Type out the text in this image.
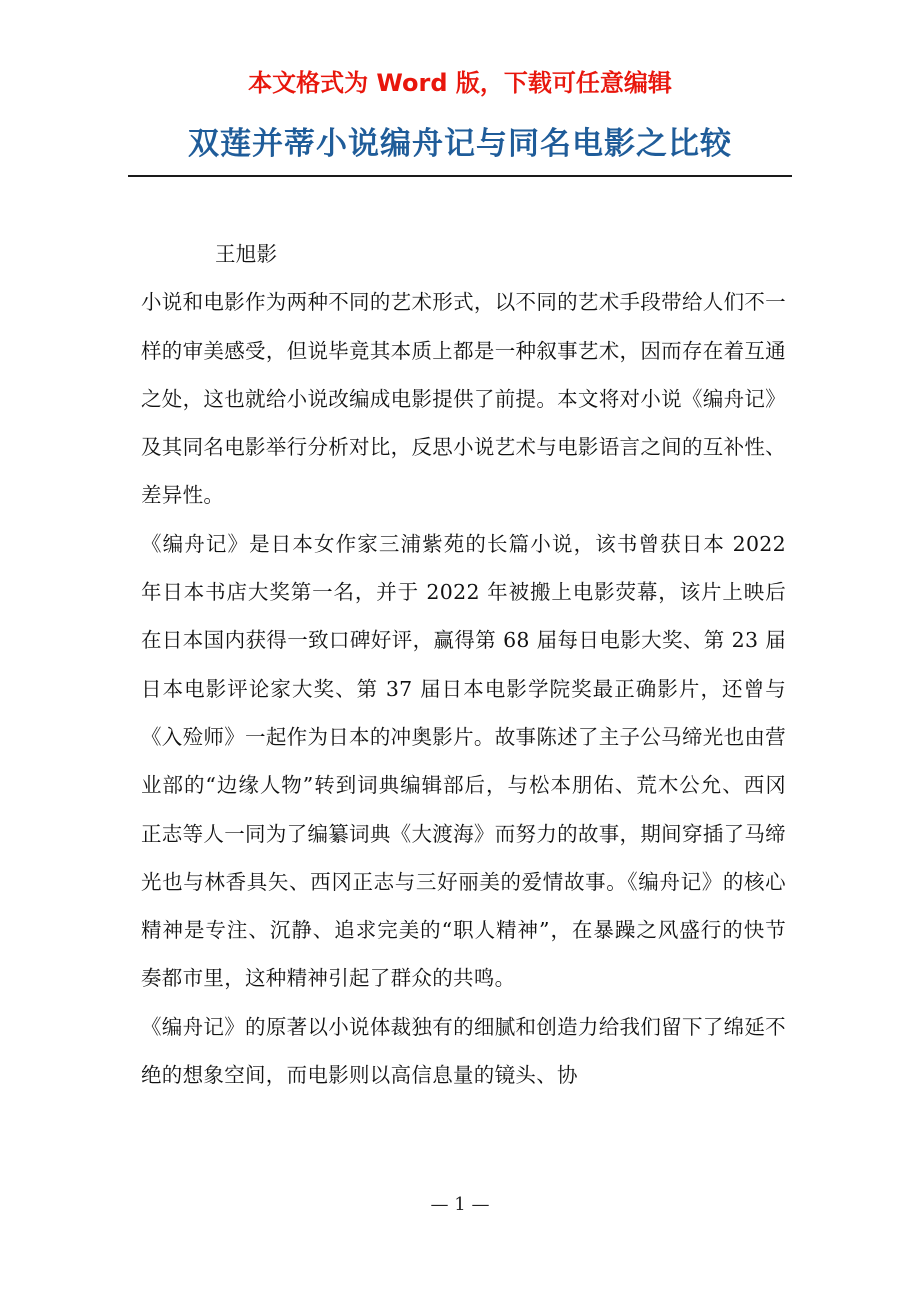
本文格式为 Word 版，下载可任意编辑
双莲并蒂小说编舟记与同名电影之比较

王旭影

小说和电影作为两种不同的艺术形式，以不同的艺术手段带给人们不一样的审美感受，但说毕竟其本质上都是一种叙事艺术，因而存在着互通之处，这也就给小说改编成电影提供了前提。本文将对小说《编舟记》及其同名电影举行分析对比，反思小说艺术与电影语言之间的互补性、差异性。

《编舟记》是日本女作家三浦紫苑的长篇小说，该书曾获日本 2022 年日本书店大奖第一名，并于 2022 年被搬上电影荧幕，该片上映后在日本国内获得一致口碑好评，赢得第 68 届每日电影大奖、第 23 届日本电影评论家大奖、第 37 届日本电影学院奖最正确影片，还曾与《入殓师》一起作为日本的冲奥影片。故事陈述了主子公马缔光也由营业部的“边缘人物”转到词典编辑部后，与松本朋佑、荒木公允、西冈正志等人一同为了编纂词典《大渡海》而努力的故事，期间穿插了马缔光也与林香具矢、西冈正志与三好丽美的爱情故事。《编舟记》的核心精神是专注、沉静、追求完美的“职人精神”，在暴躁之风盛行的快节奏都市里，这种精神引起了群众的共鸣。

《编舟记》的原著以小说体裁独有的细腻和创造力给我们留下了绵延不绝的想象空间，而电影则以高信息量的镜头、协

— 1 —
